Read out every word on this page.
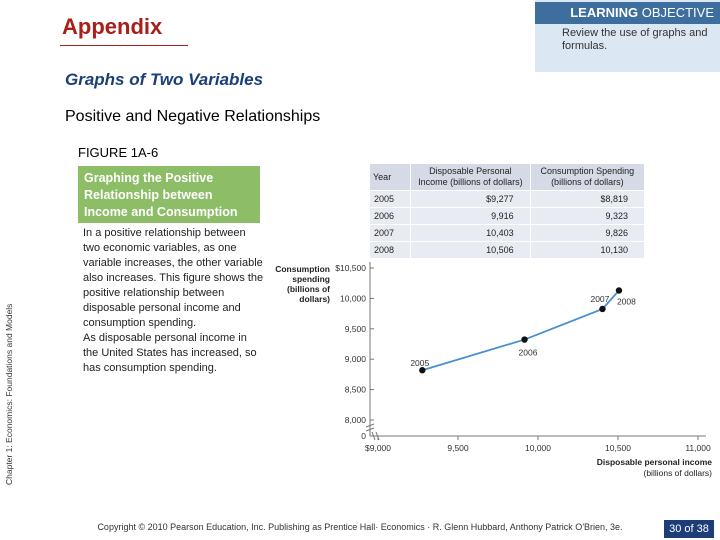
Appendix
LEARNING OBJECTIVE
Review the use of graphs and formulas.
Graphs of Two Variables
Positive and Negative Relationships
FIGURE 1A-6
Graphing the Positive Relationship between Income and Consumption
In a positive relationship between two economic variables, as one variable increases, the other variable also increases. This figure shows the positive relationship between disposable personal income and consumption spending.
As disposable personal income in the United States has increased, so has consumption spending.
Chapter 1: Economics: Foundations and Models
Year	Disposable Personal Income (billions of dollars)	Consumption Spending (billions of dollars)
2005	$9,277	$8,819
2006	9,916	9,323
2007	10,403	9,826
2008	10,506	10,130
0
8,000
8,500
9,000
9,500
10,000
$10,500
$9,000	9,500	10,000	10,500	11,000
Consumption
spending
(billions of
dollars)
Disposable personal income
(billions of dollars)
2005
2006
2007 2008
Copyright © 2010 Pearson Education, Inc. Publishing as Prentice Hall· Economics · R. Glenn Hubbard, Anthony Patrick O'Brien, 3e.	30 of 38
